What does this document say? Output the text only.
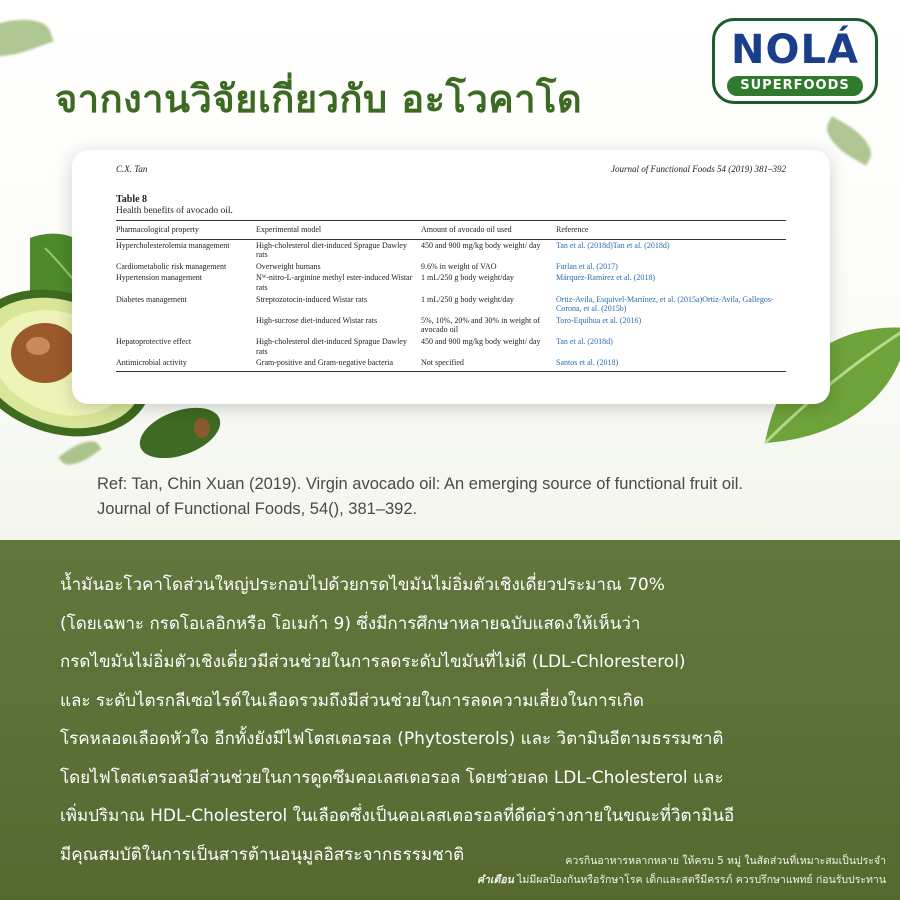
จากงานวิจัยเกี่ยวกับ อะโวคาโด
NOLÁ
SUPERFOODS
C.X. Tan	Journal of Functional Foods 54 (2019) 381–392
Table 8
Health benefits of avocado oil.
Pharmacological property	Experimental model	Amount of avocado oil used	Reference
Hypercholesterolemia management	High-cholesterol diet-induced Sprague Dawley rats	450 and 900 mg/kg body weight/ day	Tan et al. (2018d)Tan et al. (2018d)
Cardiometabolic risk management	Overweight humans	9.6% in weight of VAO	Furlan et al. (2017)
Hypertension management	Nᵂ-nitro-L-arginine methyl ester-induced Wistar rats	1 mL/250 g body weight/day	Márquez-Ramírez et al. (2018)
Diabetes management	Streptozotocin-induced Wistar rats	1 mL/250 g body weight/day	Ortiz-Avila, Esquivel-Martínez, et al. (2015a)Ortiz-Avila, Gallegos-Corona, et al. (2015b)
	High-sucrose diet-induced Wistar rats	5%, 10%, 20% and 30% in weight of avocado oil	Toro-Equihua et al. (2016)
Hepatoprotective effect	High-cholesterol diet-induced Sprague Dawley rats	450 and 900 mg/kg body weight/ day	Tan et al. (2018d)
Antimicrobial activity	Gram-positive and Gram-negative bacteria	Not specified	Santos et al. (2018)
Ref: Tan, Chin Xuan (2019). Virgin avocado oil: An emerging source of functional fruit oil.
Journal of Functional Foods, 54(), 381–392.
น้ำมันอะโวคาโดส่วนใหญ่ประกอบไปด้วยกรดไขมันไม่อิ่มตัวเชิงเดี่ยวประมาณ 70%
(โดยเฉพาะ กรดโอเลอิกหรือ โอเมก้า 9) ซึ่งมีการศึกษาหลายฉบับแสดงให้เห็นว่า
กรดไขมันไม่อิ่มตัวเชิงเดี่ยวมีส่วนช่วยในการลดระดับไขมันที่ไม่ดี (LDL-Chloresterol)
และ ระดับไตรกลีเซอไรด์ในเลือดรวมถึงมีส่วนช่วยในการลดความเสี่ยงในการเกิด
โรคหลอดเลือดหัวใจ อีกทั้งยังมีไฟโตสเตอรอล (Phytosterols) และ วิตามินอีตามธรรมชาติ
โดยไฟโตสเตรอลมีส่วนช่วยในการดูดซึมคอเลสเตอรอล โดยช่วยลด LDL-Cholesterol และ
เพิ่มปริมาณ HDL-Cholesterol ในเลือดซึ่งเป็นคอเลสเตอรอลที่ดีต่อร่างกายในขณะที่วิตามินอี
มีคุณสมบัติในการเป็นสารต้านอนุมูลอิสระจากธรรมชาติ	ควรกินอาหารหลากหลาย ให้ครบ 5 หมู่ ในสัดส่วนที่เหมาะสมเป็นประจำ
คำเตือน ไม่มีผลป้องกันหรือรักษาโรค เด็กและสตรีมีครรภ์ ควรปรึกษาแพทย์ ก่อนรับประทาน
